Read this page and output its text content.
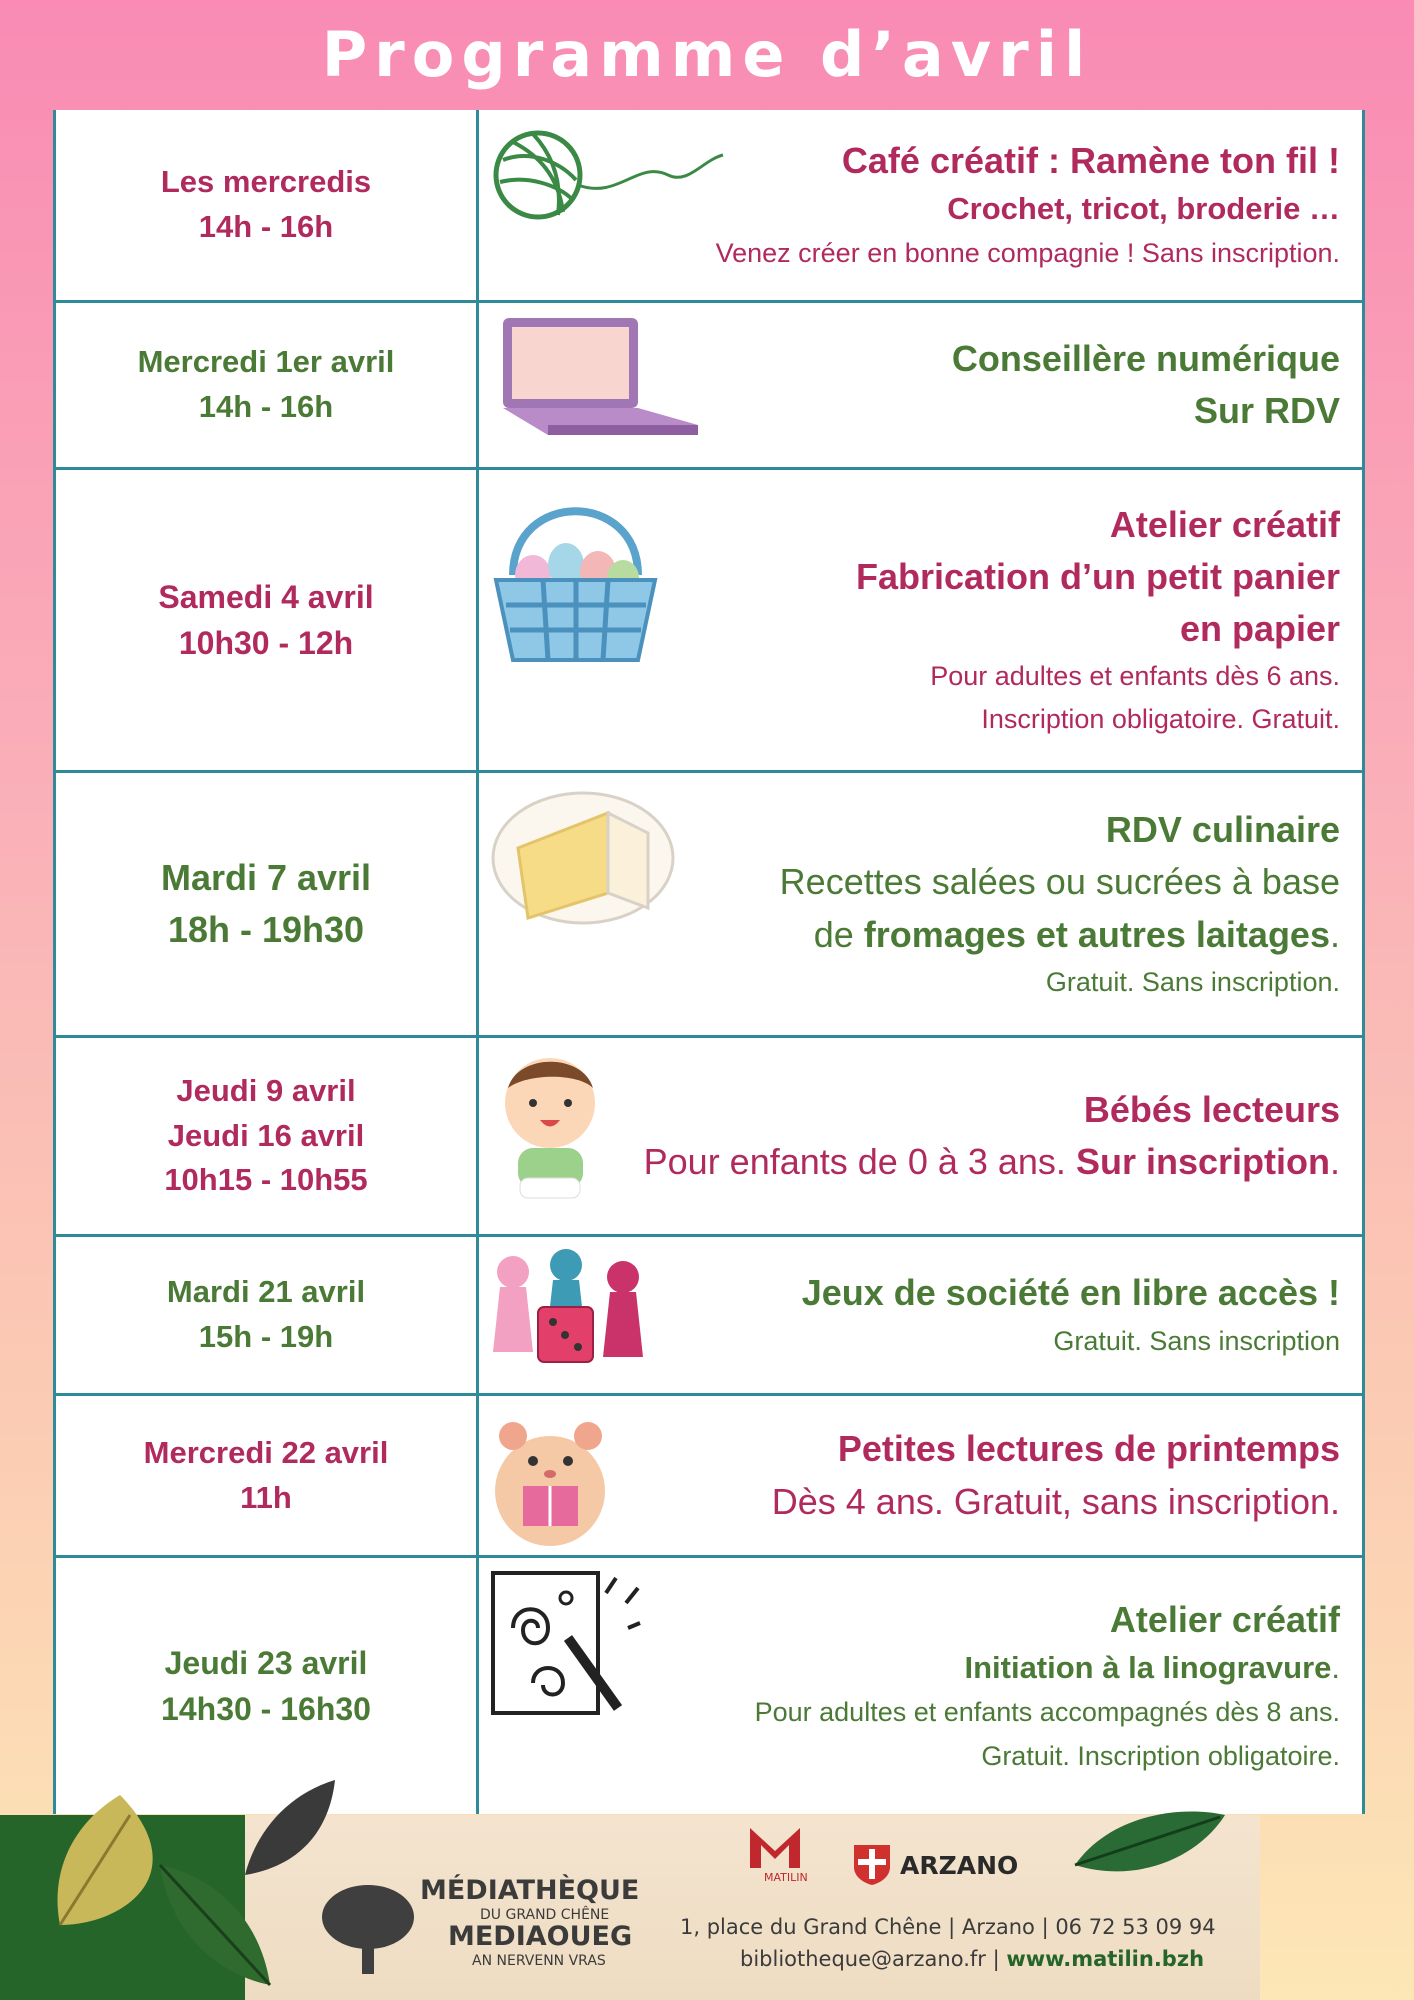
Programme d’avril
Les mercredis
14h - 16h
Café créatif : Ramène ton fil !
Crochet, tricot, broderie …
Venez créer en bonne compagnie ! Sans inscription.
Mercredi 1er avril
14h - 16h
Conseillère numérique
Sur RDV
Samedi 4 avril
10h30 - 12h
Atelier créatif
Fabrication d’un petit panier
en papier
Pour adultes et enfants dès 6 ans.
Inscription obligatoire. Gratuit.
Mardi 7 avril
18h - 19h30
RDV culinaire
Recettes salées ou sucrées à base
de fromages et autres laitages.
Gratuit. Sans inscription.
Jeudi 9 avril
Jeudi 16 avril
10h15 - 10h55
Bébés lecteurs
Pour enfants de 0 à 3 ans. Sur inscription.
Mardi 21 avril
15h - 19h
Jeux de société en libre accès !
Gratuit. Sans inscription
Mercredi 22 avril
11h
Petites lectures de printemps
Dès 4 ans. Gratuit, sans inscription.
Jeudi 23 avril
14h30 - 16h30
Atelier créatif
Initiation à la linogravure.
Pour adultes et enfants accompagnés dès 8 ans.
Gratuit. Inscription obligatoire.
MÉDIATHÈQUE
DU GRAND CHÊNE
MEDIAOUEG
AN NERVENN VRAS
MATILIN	ARZANO
1, place du Grand Chêne | Arzano | 06 72 53 09 94
bibliotheque@arzano.fr | www.matilin.bzh
